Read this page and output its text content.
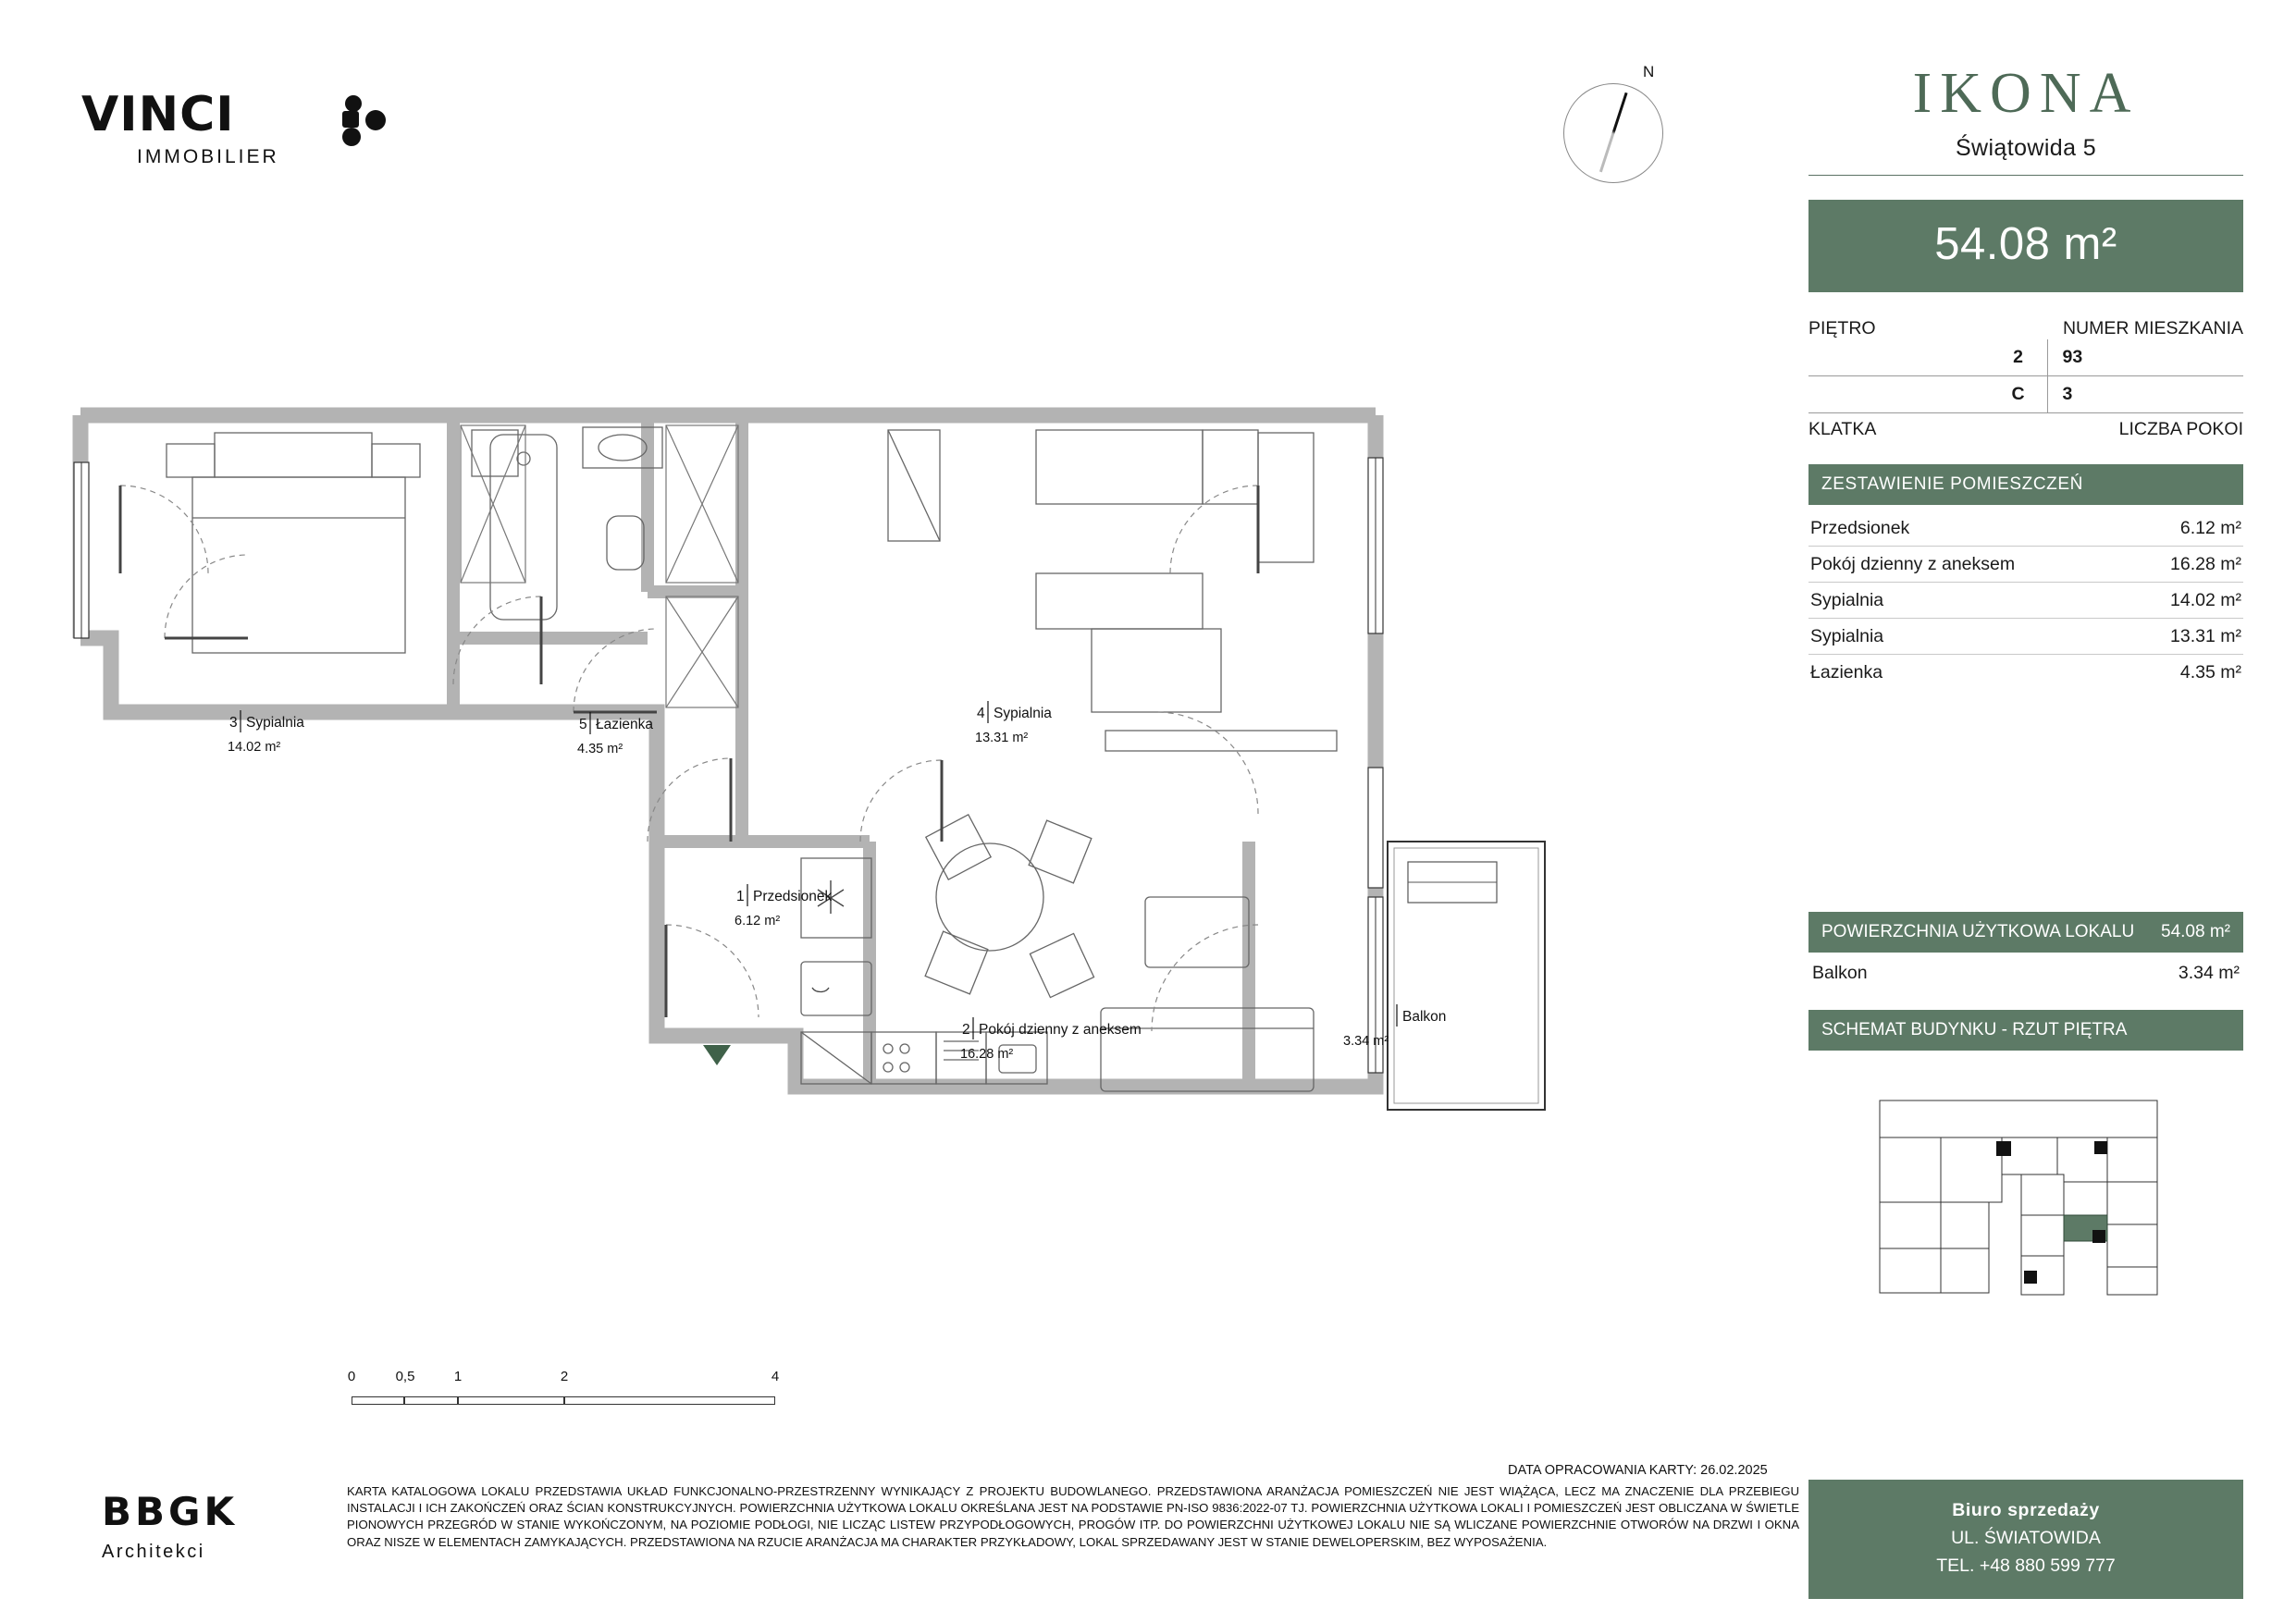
VINCI
IMMOBILIER
N	IKONA
Świątowida 5
54.08 m²
PIĘTRO	NUMER MIESZKANIA
2	93
C	3
KLATKA	LICZBA POKOI
ZESTAWIENIE POMIESZCZEŃ
Przedsionek	6.12 m²
Pokój dzienny z aneksem	16.28 m²
Sypialnia	14.02 m²
Sypialnia	13.31 m²
Łazienka	4.35 m²
POWIERZCHNIA UŻYTKOWA LOKALU 54.08 m²
Balkon	3.34 m²
SCHEMAT BUDYNKU - RZUT PIĘTRA
Biuro sprzedaży
UL. ŚWIATOWIDA
TEL. +48 880 599 777
BBGK
Architekci
DATA OPRACOWANIA KARTY: 26.02.2025
KARTA KATALOGOWA LOKALU PRZEDSTAWIA UKŁAD FUNKCJONALNO-PRZESTRZENNY WYNIKAJĄCY Z PROJEKTU BUDOWLANEGO. PRZEDSTAWIONA ARANŻACJA POMIESZCZEŃ NIE JEST WIĄŻĄCA, LECZ MA ZNACZENIE DLA PRZEBIEGU INSTALACJI I ICH ZAKOŃCZEŃ ORAZ ŚCIAN KONSTRUKCYJNYCH. POWIERZCHNIA UŻYTKOWA LOKALU OKREŚLANA JEST NA PODSTAWIE PN-ISO 9836:2022-07 TJ. POWIERZCHNIA UŻYTKOWA LOKALI I POMIESZCZEŃ JEST OBLICZANA W ŚWIETLE PIONOWYCH PRZEGRÓD W STANIE WYKOŃCZONYM, NA POZIOMIE PODŁOGI, NIE LICZĄC LISTEW PRZYPODŁOGOWYCH, PROGÓW ITP. DO POWIERZCHNI UŻYTKOWEJ LOKALU NIE SĄ WLICZANE POWIERZCHNIE OTWORÓW NA DRZWI I OKNA ORAZ NISZE W ELEMENTACH ZAMYKAJĄCYCH. PRZEDSTAWIONA NA RZUCIE ARANŻACJA MA CHARAKTER PRZYKŁADOWY, LOKAL SPRZEDAWANY JEST W STANIE DEWELOPERSKIM, BEZ WYPOSAŻENIA.
0	0,5	1	2	4
Sypialnia
3
14.02 m²
Łazienka
5
4.35 m²
Sypialnia
4
13.31 m²
Przedsionek
1
6.12 m²
Pokój dzienny z aneksem
2
16.28 m²
Balkon
3.34 m²
